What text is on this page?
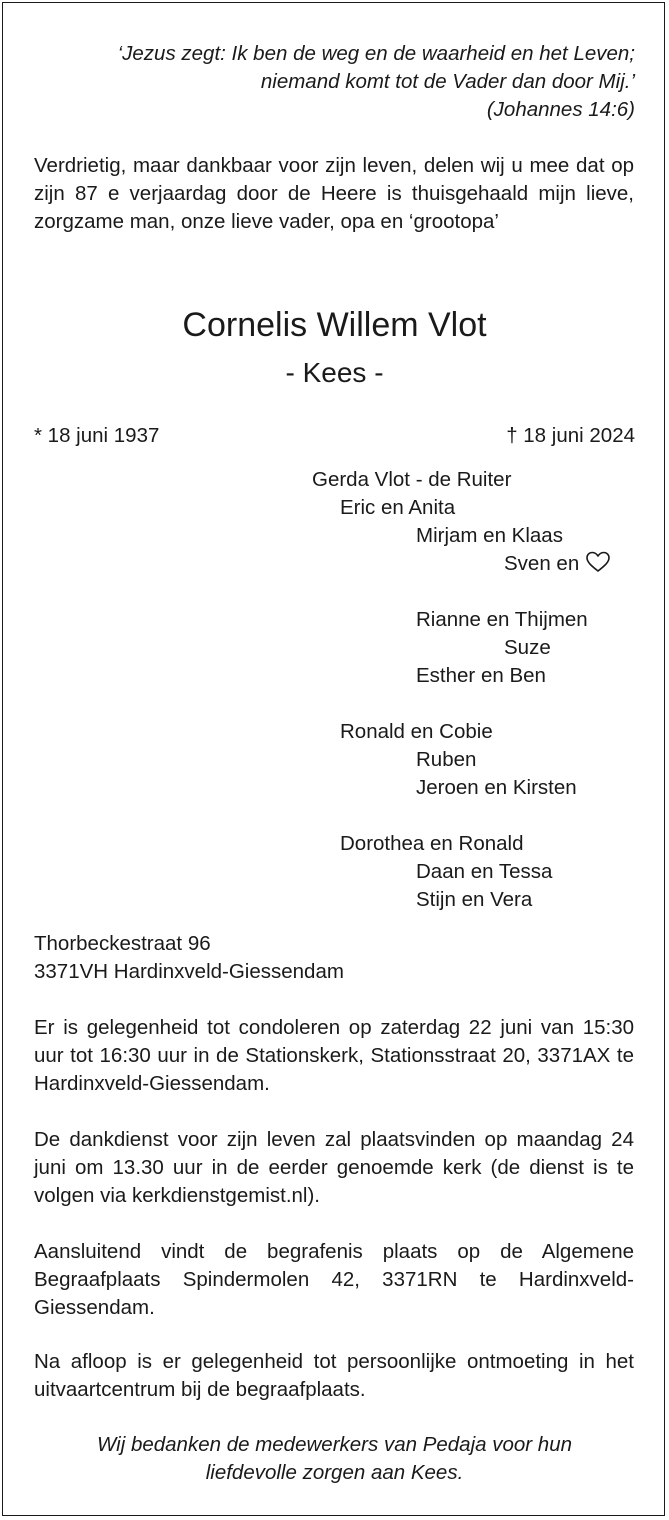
‘Jezus zegt: Ik ben de weg en de waarheid en het Leven;
niemand komt tot de Vader dan door Mij.’
(Johannes 14:6)

Verdrietig, maar dankbaar voor zijn leven, delen wij u mee dat op zijn 87 e verjaardag door de Heere is thuisgehaald mijn lieve, zorgzame man, onze lieve vader, opa en ‘grootopa’

Cornelis Willem Vlot
- Kees -
* 18 juni 1937	† 18 juni 2024
Gerda Vlot - de Ruiter
Eric en Anita
Mirjam en Klaas
Sven en
Rianne en Thijmen
Suze
Esther en Ben
Ronald en Cobie
Ruben
Jeroen en Kirsten
Dorothea en Ronald
Daan en Tessa
Stijn en Vera
Thorbeckestraat 96
3371VH Hardinxveld-Giessendam

Er is gelegenheid tot condoleren op zaterdag 22 juni van 15:30 uur tot 16:30 uur in de Stationskerk, Stationsstraat 20, 3371AX te Hardinxveld-Giessendam.

De dankdienst voor zijn leven zal plaatsvinden op maandag 24 juni om 13.30 uur in de eerder genoemde kerk (de dienst is te volgen via kerkdienstgemist.nl).

Aansluitend vindt de begrafenis plaats op de Algemene Begraafplaats Spindermolen 42, 3371RN te Hardinxveld-Giessendam.

Na afloop is er gelegenheid tot persoonlijke ontmoeting in het uitvaartcentrum bij de begraafplaats.

Wij bedanken de medewerkers van Pedaja voor hun
liefdevolle zorgen aan Kees.
